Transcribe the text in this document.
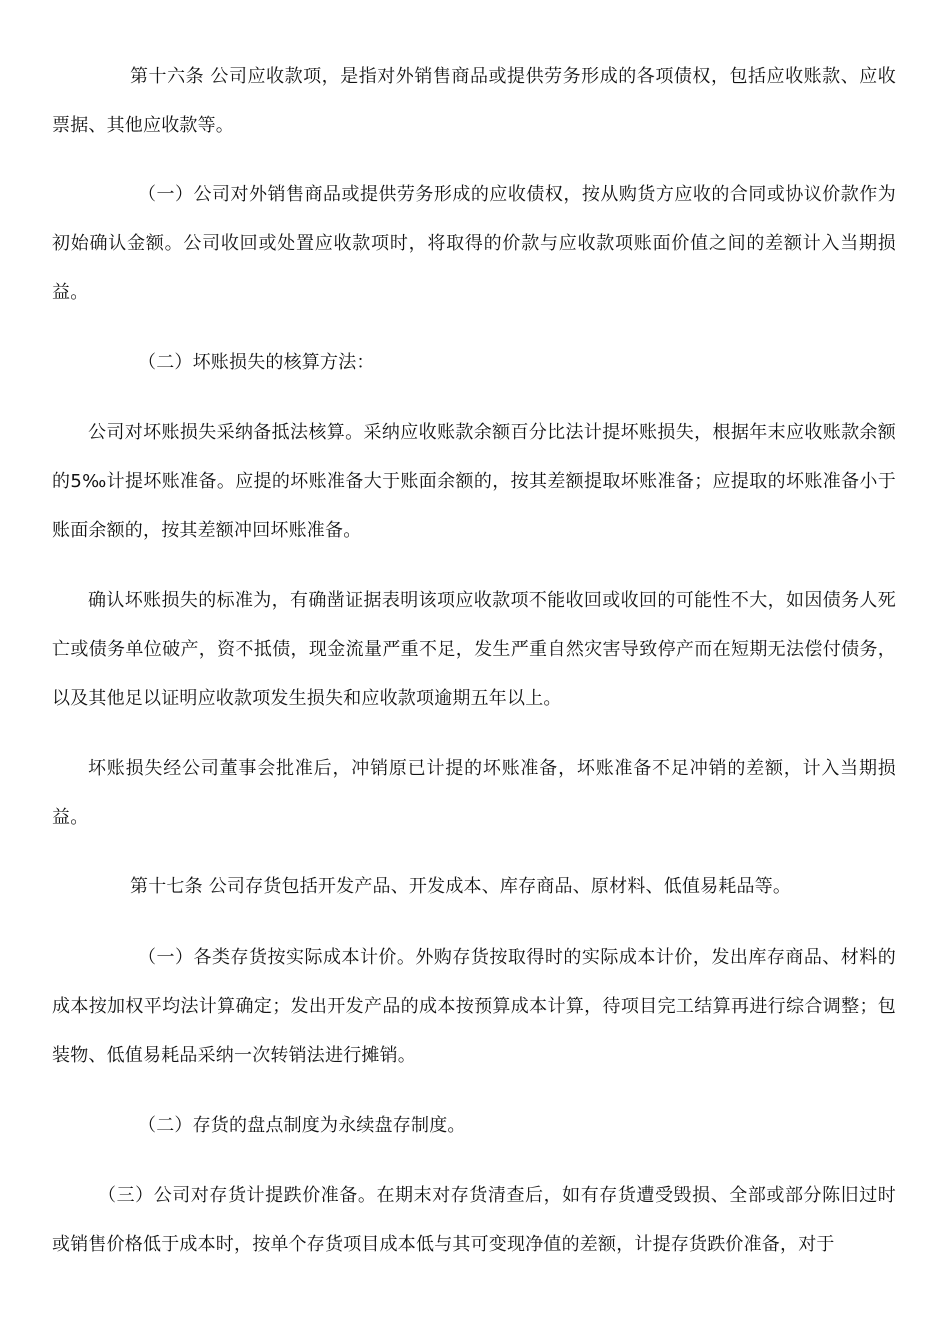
第十六条 公司应收款项，是指对外销售商品或提供劳务形成的各项债权，包括应收账款、应收票据、其他应收款等。

（一）公司对外销售商品或提供劳务形成的应收债权，按从购货方应收的合同或协议价款作为初始确认金额。公司收回或处置应收款项时，将取得的价款与应收款项账面价值之间的差额计入当期损益。

（二）坏账损失的核算方法：

公司对坏账损失采纳备抵法核算。采纳应收账款余额百分比法计提坏账损失，根据年末应收账款余额的5‰计提坏账准备。应提的坏账准备大于账面余额的，按其差额提取坏账准备；应提取的坏账准备小于账面余额的，按其差额冲回坏账准备。

确认坏账损失的标准为，有确凿证据表明该项应收款项不能收回或收回的可能性不大，如因债务人死亡或债务单位破产，资不抵债，现金流量严重不足，发生严重自然灾害导致停产而在短期无法偿付债务，以及其他足以证明应收款项发生损失和应收款项逾期五年以上。

坏账损失经公司董事会批准后，冲销原已计提的坏账准备，坏账准备不足冲销的差额，计入当期损益。

第十七条 公司存货包括开发产品、开发成本、库存商品、原材料、低值易耗品等。

（一）各类存货按实际成本计价。外购存货按取得时的实际成本计价，发出库存商品、材料的成本按加权平均法计算确定；发出开发产品的成本按预算成本计算，待项目完工结算再进行综合调整；包装物、低值易耗品采纳一次转销法进行摊销。

（二）存货的盘点制度为永续盘存制度。

（三）公司对存货计提跌价准备。在期末对存货清查后，如有存货遭受毁损、全部或部分陈旧过时或销售价格低于成本时，按单个存货项目成本低与其可变现净值的差额，计提存货跌价准备，对于
